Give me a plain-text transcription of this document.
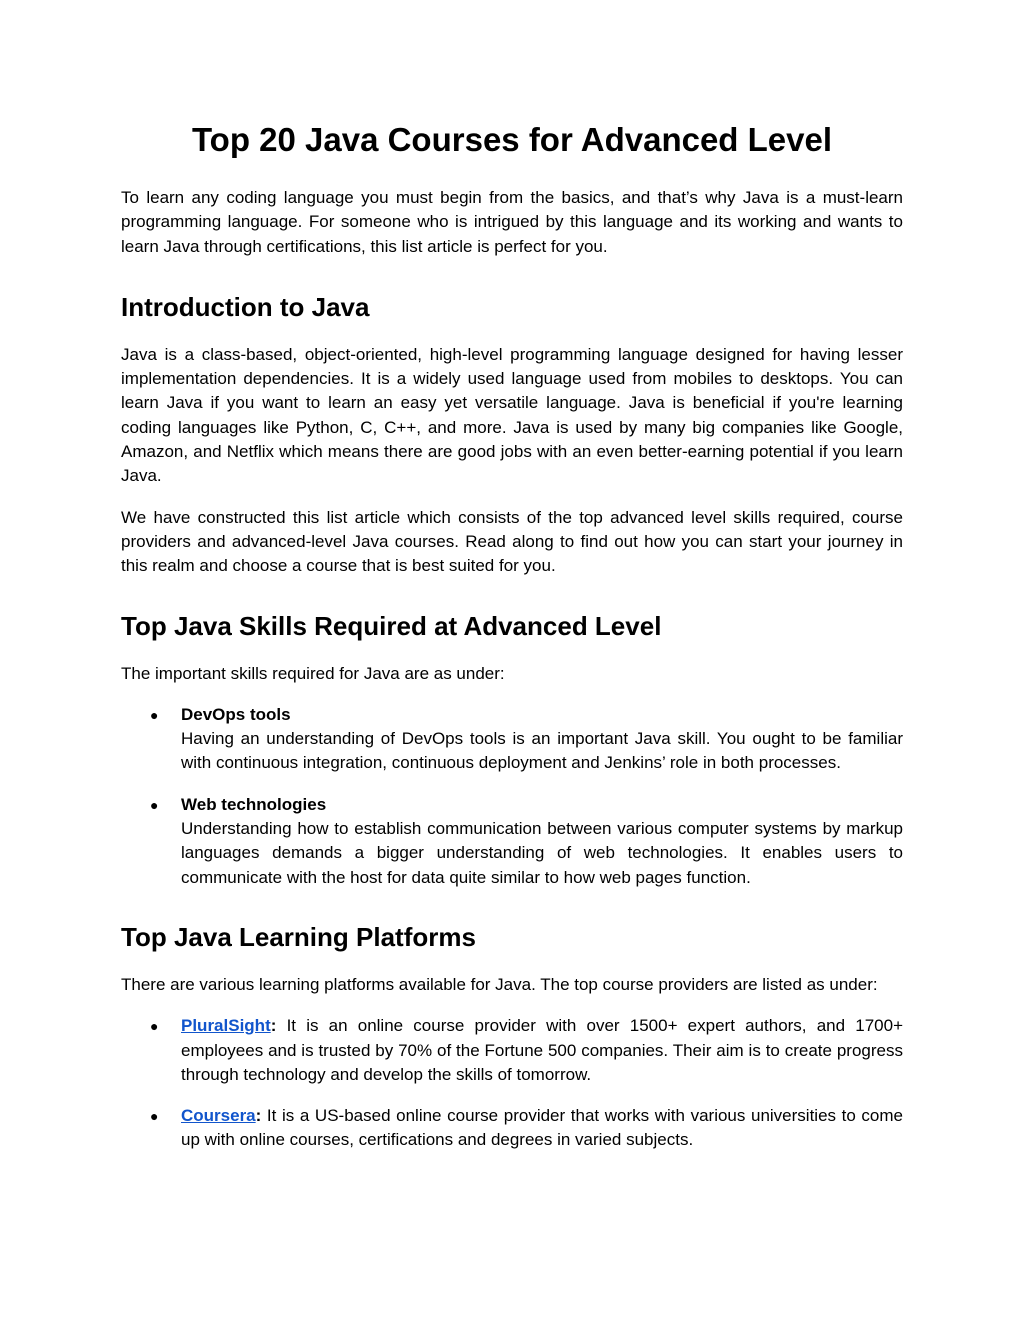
Top 20 Java Courses for Advanced Level

To learn any coding language you must begin from the basics, and that’s why Java is a must-learn programming language. For someone who is intrigued by this language and its working and wants to learn Java through certifications, this list article is perfect for you.

Introduction to Java

Java is a class-based, object-oriented, high-level programming language designed for having lesser implementation dependencies. It is a widely used language used from mobiles to desktops. You can learn Java if you want to learn an easy yet versatile language. Java is beneficial if you're learning coding languages like Python, C, C++, and more. Java is used by many big companies like Google, Amazon, and Netflix which means there are good jobs with an even better-earning potential if you learn Java.

We have constructed this list article which consists of the top advanced level skills required, course providers and advanced-level Java courses. Read along to find out how you can start your journey in this realm and choose a course that is best suited for you.

Top Java Skills Required at Advanced Level

The important skills required for Java are as under:

● DevOps tools
Having an understanding of DevOps tools is an important Java skill. You ought to be familiar with continuous integration, continuous deployment and Jenkins’ role in both processes.
● Web technologies
Understanding how to establish communication between various computer systems by markup languages demands a bigger understanding of web technologies. It enables users to communicate with the host for data quite similar to how web pages function.
Top Java Learning Platforms

There are various learning platforms available for Java. The top course providers are listed as under:

● PluralSight: It is an online course provider with over 1500+ expert authors, and 1700+ employees and is trusted by 70% of the Fortune 500 companies. Their aim is to create progress through technology and develop the skills of tomorrow.
● Coursera: It is a US-based online course provider that works with various universities to come up with online courses, certifications and degrees in varied subjects.
